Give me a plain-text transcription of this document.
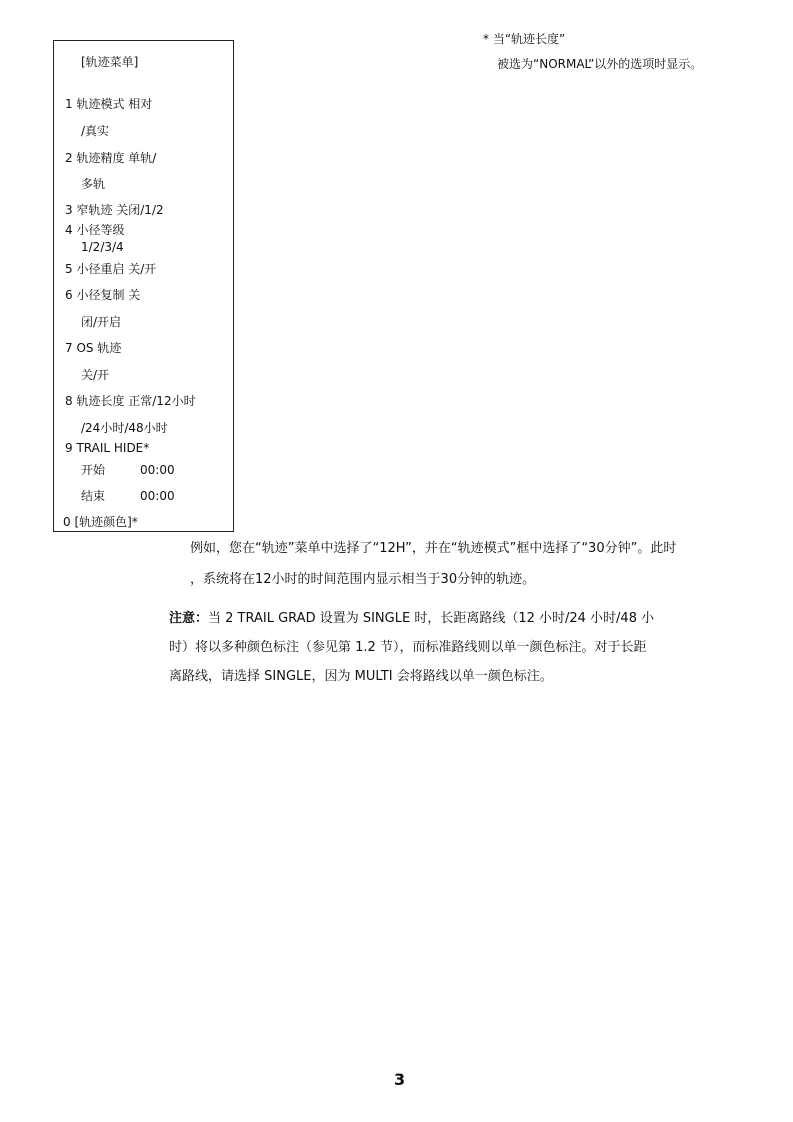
[轨迹菜单]
1 轨迹模式 相对
/真实
2 轨迹精度 单轨/
多轨
3 窄轨迹 关闭/1/2
4 小径等级
1/2/3/4
5 小径重启 关/开
6 小径复制 关
闭/开启
7 OS 轨迹
关/开
8 轨迹长度 正常/12小时
/24小时/48小时
9 TRAIL HIDE*
开始	00:00
结束	00:00
0 [轨迹颜色]*
* 当“轨迹长度”
被选为“NORMAL”以外的选项时显示。
例如，您在“轨迹”菜单中选择了“12H”，并在“轨迹模式”框中选择了“30分钟”。此时
，系统将在12小时的时间范围内显示相当于30分钟的轨迹。
注意：当 2 TRAIL GRAD 设置为 SINGLE 时，长距离路线（12 小时/24 小时/48 小
时）将以多种颜色标注（参见第 1.2 节），而标准路线则以单一颜色标注。对于长距
离路线，请选择 SINGLE，因为 MULTI 会将路线以单一颜色标注。
3
